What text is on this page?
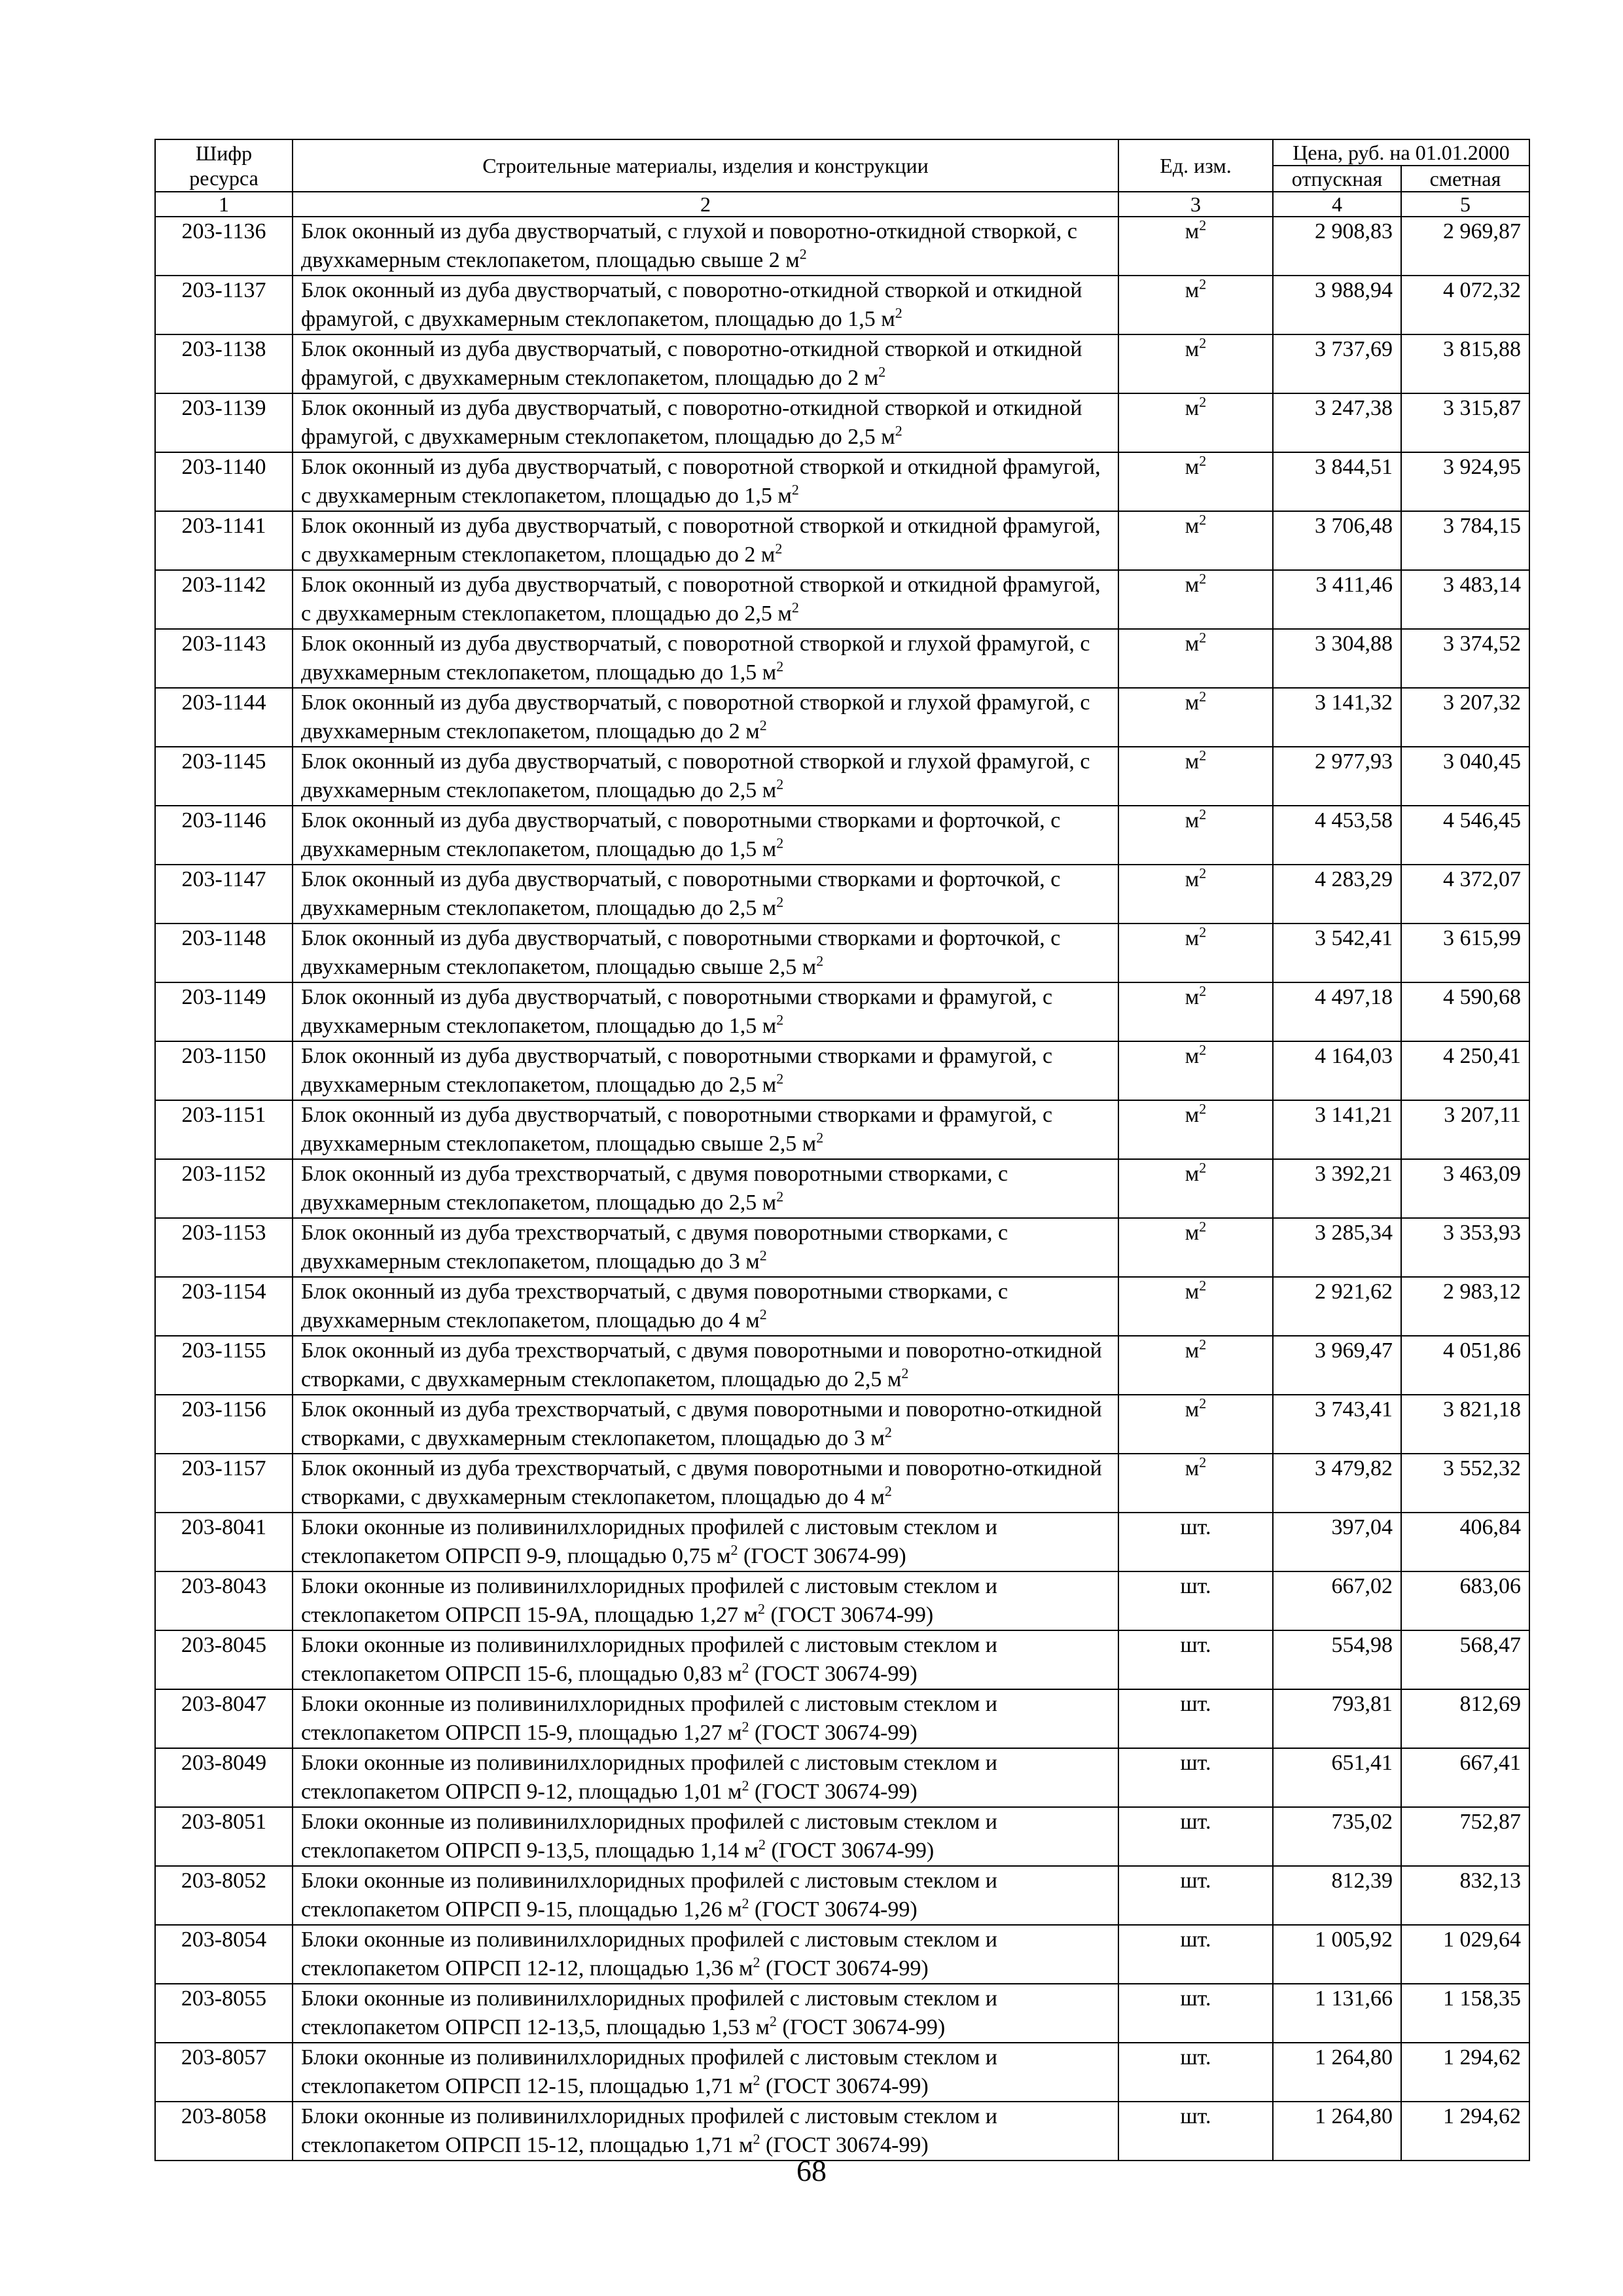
Шифр ресурса	Строительные материалы, изделия и конструкции	Ед. изм.	Цена, руб. на 01.01.2000	
			отпускная	сметная
1	2	3	4	5
203-1136	Блок оконный из дуба двустворчатый, с глухой и поворотно-откидной створкой, с двухкамерным стеклопакетом, площадью свыше 2 $м^2$	$м^2$	2 908,83	2 969,87
203-1137	Блок оконный из дуба двустворчатый, с поворотно-откидной створкой и откидной фрамугой, с двухкамерным стеклопакетом, площадью до 1,5 $м^2$	$м^2$	3 988,94	4 072,32
203-1138	Блок оконный из дуба двустворчатый, с поворотно-откидной створкой и откидной фрамугой, с двухкамерным стеклопакетом, площадью до 2 $м^2$	$м^2$	3 737,69	3 815,88
203-1139	Блок оконный из дуба двустворчатый, с поворотно-откидной створкой и откидной фрамугой, с двухкамерным стеклопакетом, площадью до 2,5 $м^2$	$м^2$	3 247,38	3 315,87
203-1140	Блок оконный из дуба двустворчатый, с поворотной створкой и откидной фрамугой, с двухкамерным стеклопакетом, площадью до 1,5 $м^2$	$м^2$	3 844,51	3 924,95
203-1141	Блок оконный из дуба двустворчатый, с поворотной створкой и откидной фрамугой, с двухкамерным стеклопакетом, площадью до 2 $м^2$	$м^2$	3 706,48	3 784,15
203-1142	Блок оконный из дуба двустворчатый, с поворотной створкой и откидной фрамугой, с двухкамерным стеклопакетом, площадью до 2,5 $м^2$	$м^2$	3 411,46	3 483,14
203-1143	Блок оконный из дуба двустворчатый, с поворотной створкой и глухой фрамугой, с двухкамерным стеклопакетом, площадью до 1,5 $м^2$	$м^2$	3 304,88	3 374,52
203-1144	Блок оконный из дуба двустворчатый, с поворотной створкой и глухой фрамугой, с двухкамерным стеклопакетом, площадью до 2 $м^2$	$м^2$	3 141,32	3 207,32
203-1145	Блок оконный из дуба двустворчатый, с поворотной створкой и глухой фрамугой, с двухкамерным стеклопакетом, площадью до 2,5 $м^2$	$м^2$	2 977,93	3 040,45
203-1146	Блок оконный из дуба двустворчатый, с поворотными створками и форточкой, с двухкамерным стеклопакетом, площадью до 1,5 $м^2$	$м^2$	4 453,58	4 546,45
203-1147	Блок оконный из дуба двустворчатый, с поворотными створками и форточкой, с двухкамерным стеклопакетом, площадью до 2,5 $м^2$	$м^2$	4 283,29	4 372,07
203-1148	Блок оконный из дуба двустворчатый, с поворотными створками и форточкой, с двухкамерным стеклопакетом, площадью свыше 2,5 $м^2$	$м^2$	3 542,41	3 615,99
203-1149	Блок оконный из дуба двустворчатый, с поворотными створками и фрамугой, с двухкамерным стеклопакетом, площадью до 1,5 $м^2$	$м^2$	4 497,18	4 590,68
203-1150	Блок оконный из дуба двустворчатый, с поворотными створками и фрамугой, с двухкамерным стеклопакетом, площадью до 2,5 $м^2$	$м^2$	4 164,03	4 250,41
203-1151	Блок оконный из дуба двустворчатый, с поворотными створками и фрамугой, с двухкамерным стеклопакетом, площадью свыше 2,5 $м^2$	$м^2$	3 141,21	3 207,11
203-1152	Блок оконный из дуба трехстворчатый, с двумя поворотными створками, с двухкамерным стеклопакетом, площадью до 2,5 $м^2$	$м^2$	3 392,21	3 463,09
203-1153	Блок оконный из дуба трехстворчатый, с двумя поворотными створками, с двухкамерным стеклопакетом, площадью до 3 $м^2$	$м^2$	3 285,34	3 353,93
203-1154	Блок оконный из дуба трехстворчатый, с двумя поворотными створками, с двухкамерным стеклопакетом, площадью до 4 $м^2$	$м^2$	2 921,62	2 983,12
203-1155	Блок оконный из дуба трехстворчатый, с двумя поворотными и поворотно-откидной створками, с двухкамерным стеклопакетом, площадью до 2,5 $м^2$	$м^2$	3 969,47	4 051,86
203-1156	Блок оконный из дуба трехстворчатый, с двумя поворотными и поворотно-откидной створками, с двухкамерным стеклопакетом, площадью до 3 $м^2$	$м^2$	3 743,41	3 821,18
203-1157	Блок оконный из дуба трехстворчатый, с двумя поворотными и поворотно-откидной створками, с двухкамерным стеклопакетом, площадью до 4 $м^2$	$м^2$	3 479,82	3 552,32
203-8041	Блоки оконные из поливинилхлоридных профилей с листовым стеклом и стеклопакетом ОПРСП 9-9, площадью 0,75 $м^2$ (ГОСТ 30674-99)	шт.	397,04	406,84
203-8043	Блоки оконные из поливинилхлоридных профилей с листовым стеклом и стеклопакетом ОПРСП 15-9А, площадью 1,27 $м^2$ (ГОСТ 30674-99)	шт.	667,02	683,06
203-8045	Блоки оконные из поливинилхлоридных профилей с листовым стеклом и стеклопакетом ОПРСП 15-6, площадью 0,83 $м^2$ (ГОСТ 30674-99)	шт.	554,98	568,47
203-8047	Блоки оконные из поливинилхлоридных профилей с листовым стеклом и стеклопакетом ОПРСП 15-9, площадью 1,27 $м^2$ (ГОСТ 30674-99)	шт.	793,81	812,69
203-8049	Блоки оконные из поливинилхлоридных профилей с листовым стеклом и стеклопакетом ОПРСП 9-12, площадью 1,01 $м^2$ (ГОСТ 30674-99)	шт.	651,41	667,41
203-8051	Блоки оконные из поливинилхлоридных профилей с листовым стеклом и стеклопакетом ОПРСП 9-13,5, площадью 1,14 $м^2$ (ГОСТ 30674-99)	шт.	735,02	752,87
203-8052	Блоки оконные из поливинилхлоридных профилей с листовым стеклом и стеклопакетом ОПРСП 9-15, площадью 1,26 $м^2$ (ГОСТ 30674-99)	шт.	812,39	832,13
203-8054	Блоки оконные из поливинилхлоридных профилей с листовым стеклом и стеклопакетом ОПРСП 12-12, площадью 1,36 $м^2$ (ГОСТ 30674-99)	шт.	1 005,92	1 029,64
203-8055	Блоки оконные из поливинилхлоридных профилей с листовым стеклом и стеклопакетом ОПРСП 12-13,5, площадью 1,53 $м^2$ (ГОСТ 30674-99)	шт.	1 131,66	1 158,35
203-8057	Блоки оконные из поливинилхлоридных профилей с листовым стеклом и стеклопакетом ОПРСП 12-15, площадью 1,71 $м^2$ (ГОСТ 30674-99)	шт.	1 264,80	1 294,62
203-8058	Блоки оконные из поливинилхлоридных профилей с листовым стеклом и стеклопакетом ОПРСП 15-12, площадью 1,71 $м^2$ (ГОСТ 30674-99)	шт.	1 264,80	1 294,62
68
